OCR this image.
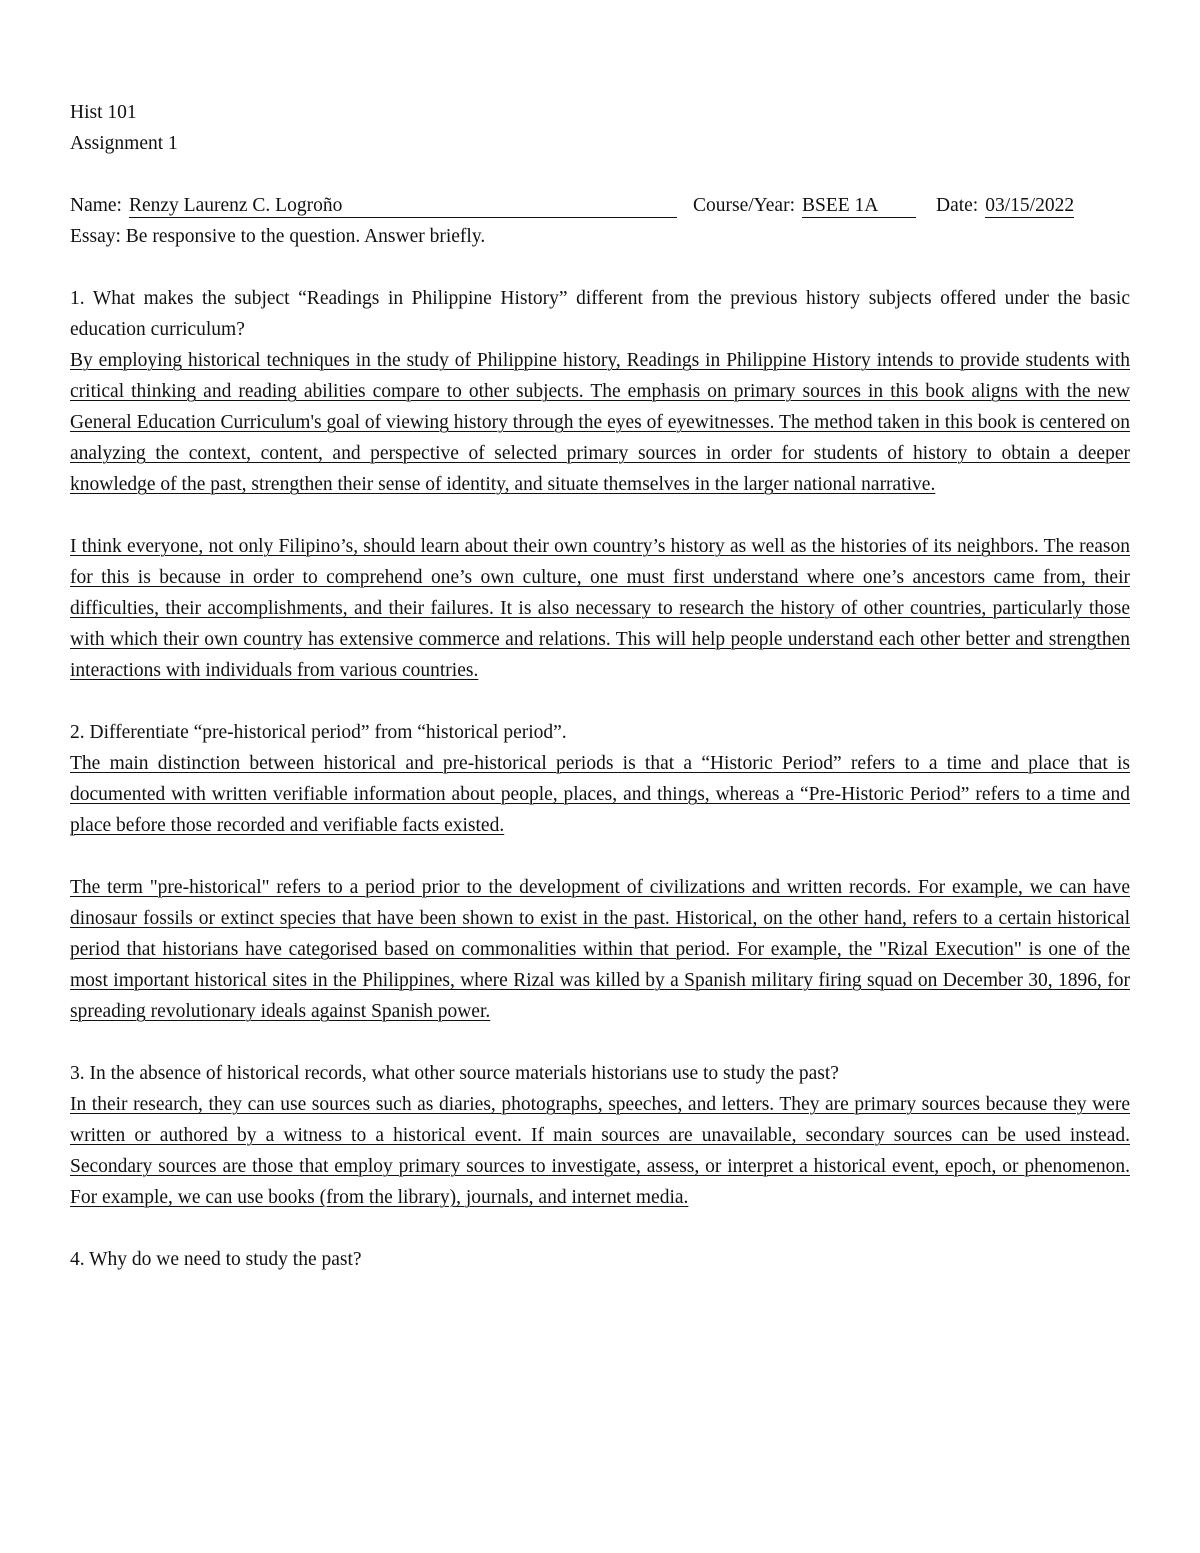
Hist 101
Assignment 1
Name: Renzy Laurenz C. Logroño	Course/Year: BSEE 1A	Date: 03/15/2022
Essay: Be responsive to the question. Answer briefly.

1. What makes the subject “Readings in Philippine History” different from the previous history subjects offered under the basic education curriculum?

By employing historical techniques in the study of Philippine history, Readings in Philippine History intends to provide students with critical thinking and reading abilities compare to other subjects. The emphasis on primary sources in this book aligns with the new General Education Curriculum's goal of viewing history through the eyes of eyewitnesses. The method taken in this book is centered on analyzing the context, content, and perspective of selected primary sources in order for students of history to obtain a deeper knowledge of the past, strengthen their sense of identity, and situate themselves in the larger national narrative.

I think everyone, not only Filipino’s, should learn about their own country’s history as well as the histories of its neighbors. The reason for this is because in order to comprehend one’s own culture, one must first understand where one’s ancestors came from, their difficulties, their accomplishments, and their failures. It is also necessary to research the history of other countries, particularly those with which their own country has extensive commerce and relations. This will help people understand each other better and strengthen interactions with individuals from various countries.

2. Differentiate “pre-historical period” from “historical period”.

The main distinction between historical and pre-historical periods is that a “Historic Period” refers to a time and place that is documented with written verifiable information about people, places, and things, whereas a “Pre-Historic Period” refers to a time and place before those recorded and verifiable facts existed.

The term "pre-historical" refers to a period prior to the development of civilizations and written records. For example, we can have dinosaur fossils or extinct species that have been shown to exist in the past. Historical, on the other hand, refers to a certain historical period that historians have categorised based on commonalities within that period. For example, the "Rizal Execution" is one of the most important historical sites in the Philippines, where Rizal was killed by a Spanish military firing squad on December 30, 1896, for spreading revolutionary ideals against Spanish power.

3. In the absence of historical records, what other source materials historians use to study the past?

In their research, they can use sources such as diaries, photographs, speeches, and letters. They are primary sources because they were written or authored by a witness to a historical event. If main sources are unavailable, secondary sources can be used instead. Secondary sources are those that employ primary sources to investigate, assess, or interpret a historical event, epoch, or phenomenon. For example, we can use books (from the library), journals, and internet media.

4. Why do we need to study the past?
